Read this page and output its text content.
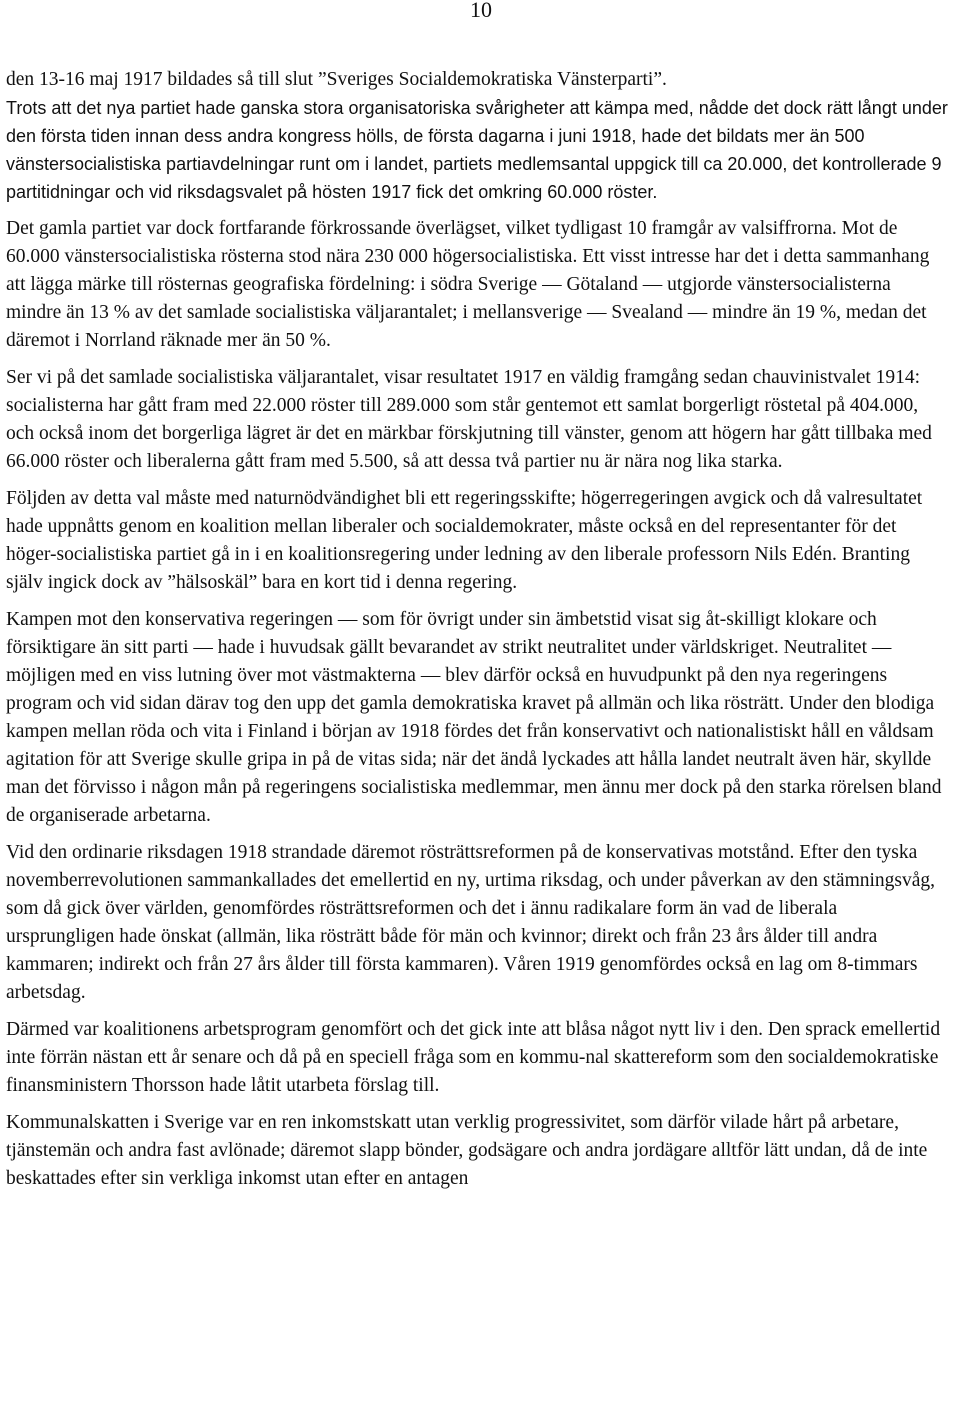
10

den 13-16 maj 1917 bildades så till slut ”Sveriges Socialdemokratiska Vänsterparti”.

Trots att det nya partiet hade ganska stora organisatoriska svårigheter att kämpa med, nådde det dock rätt långt under den första tiden innan dess andra kongress hölls, de första dagarna i juni 1918, hade det bildats mer än 500 vänstersocialistiska partiavdelningar runt om i landet, partiets medlemsantal uppgick till ca 20.000, det kontrollerade 9 partitidningar och vid riksdagsvalet på hösten 1917 fick det omkring 60.000 röster.

Det gamla partiet var dock fortfarande förkrossande överlägset, vilket tydligast 10 framgår av valsiffrorna. Mot de 60.000 vänstersocialistiska rösterna stod nära 230 000 högersocialistiska. Ett visst intresse har det i detta sammanhang att lägga märke till rösternas geografiska fördelning: i södra Sverige — Götaland — utgjorde vänstersocialisterna mindre än 13 % av det samlade socialistiska väljarantalet; i mellansverige — Svealand — mindre än 19 %, medan det däremot i Norrland räknade mer än 50 %.

Ser vi på det samlade socialistiska väljarantalet, visar resultatet 1917 en väldig framgång sedan chauvinistvalet 1914: socialisterna har gått fram med 22.000 röster till 289.000 som står gentemot ett samlat borgerligt röstetal på 404.000, och också inom det borgerliga lägret är det en märkbar förskjutning till vänster, genom att högern har gått tillbaka med 66.000 röster och liberalerna gått fram med 5.500, så att dessa två partier nu är nära nog lika starka.

Följden av detta val måste med naturnödvändighet bli ett regeringsskifte; högerregeringen avgick och då valresultatet hade uppnåtts genom en koalition mellan liberaler och socialdemokrater, måste också en del representanter för det höger-socialistiska partiet gå in i en koalitionsregering under ledning av den liberale professorn Nils Edén. Branting själv ingick dock av ”hälsoskäl” bara en kort tid i denna regering.

Kampen mot den konservativa regeringen — som för övrigt under sin ämbetstid visat sig åt-skilligt klokare och försiktigare än sitt parti — hade i huvudsak gällt bevarandet av strikt neutralitet under världskriget. Neutralitet — möjligen med en viss lutning över mot västmakterna — blev därför också en huvudpunkt på den nya regeringens program och vid sidan därav tog den upp det gamla demokratiska kravet på allmän och lika rösträtt. Under den blodiga kampen mellan röda och vita i Finland i början av 1918 fördes det från konservativt och nationalistiskt håll en våldsam agitation för att Sverige skulle gripa in på de vitas sida; när det ändå lyckades att hålla landet neutralt även här, skyllde man det förvisso i någon mån på regeringens socialistiska medlemmar, men ännu mer dock på den starka rörelsen bland de organiserade arbetarna.

Vid den ordinarie riksdagen 1918 strandade däremot rösträttsreformen på de konservativas motstånd. Efter den tyska novemberrevolutionen sammankallades det emellertid en ny, urtima riksdag, och under påverkan av den stämningsvåg, som då gick över världen, genomfördes rösträttsreformen och det i ännu radikalare form än vad de liberala ursprungligen hade önskat (allmän, lika rösträtt både för män och kvinnor; direkt och från 23 års ålder till andra kammaren; indirekt och från 27 års ålder till första kammaren). Våren 1919 genomfördes också en lag om 8-timmars arbetsdag.

Därmed var koalitionens arbetsprogram genomfört och det gick inte att blåsa något nytt liv i den. Den sprack emellertid inte förrän nästan ett år senare och då på en speciell fråga som en kommu-nal skattereform som den socialdemokratiske finansministern Thorsson hade låtit utarbeta förslag till.

Kommunalskatten i Sverige var en ren inkomstskatt utan verklig progressivitet, som därför vilade hårt på arbetare, tjänstemän och andra fast avlönade; däremot slapp bönder, godsägare och andra jordägare alltför lätt undan, då de inte beskattades efter sin verkliga inkomst utan efter en antagen
